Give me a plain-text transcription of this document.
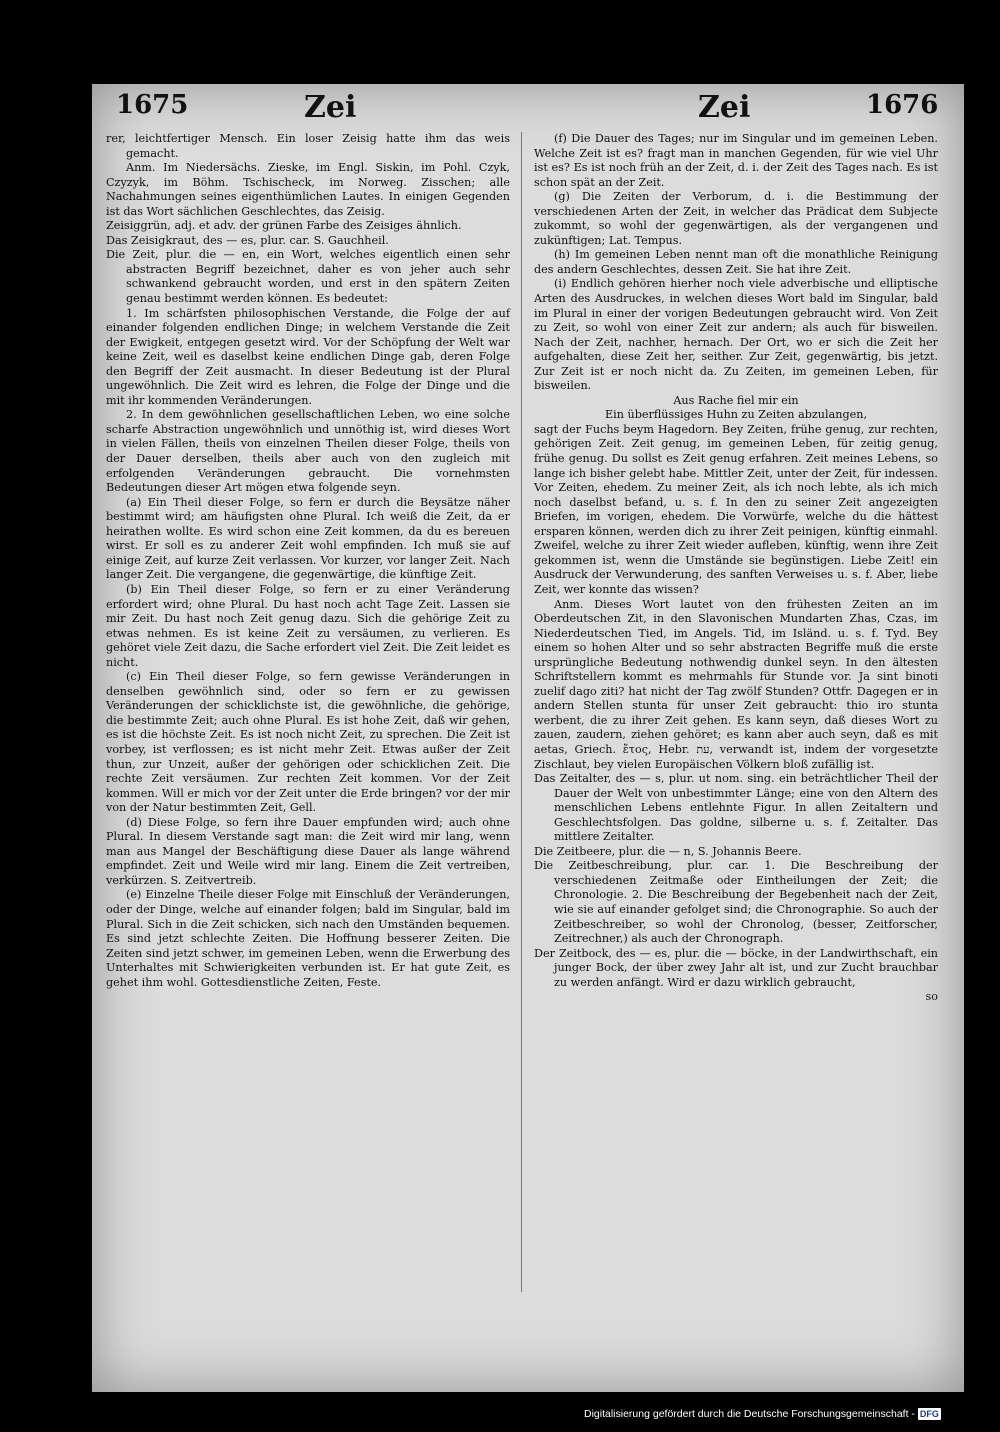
1675	Zei	Zei	1676

rer, leichtfertiger Mensch. Ein loser Zeisig hatte ihm das weis gemacht.

Anm. Im Niedersächs. Zieske, im Engl. Siskin, im Pohl. Czyk, Czyzyk, im Böhm. Tschischeck, im Norweg. Zisschen; alle Nachahmungen seines eigenthümlichen Lautes. In einigen Gegenden ist das Wort sächlichen Geschlechtes, das Zeisig.

Zeisiggrün, adj. et adv. der grünen Farbe des Zeisiges ähnlich.

Das Zeisigkraut, des — es, plur. car. S. Gauchheil.

Die Zeit, plur. die — en, ein Wort, welches eigentlich einen sehr abstracten Begriff bezeichnet, daher es von jeher auch sehr schwankend gebraucht worden, und erst in den spätern Zeiten genau bestimmt werden können. Es bedeutet:

1. Im schärfsten philosophischen Verstande, die Folge der auf einander folgenden endlichen Dinge; in welchem Verstande die Zeit der Ewigkeit, entgegen gesetzt wird. Vor der Schöpfung der Welt war keine Zeit, weil es daselbst keine endlichen Dinge gab, deren Folge den Begriff der Zeit ausmacht. In dieser Bedeutung ist der Plural ungewöhnlich. Die Zeit wird es lehren, die Folge der Dinge und die mit ihr kommenden Veränderungen.

2. In dem gewöhnlichen gesellschaftlichen Leben, wo eine solche scharfe Abstraction ungewöhnlich und unnöthig ist, wird dieses Wort in vielen Fällen, theils von einzelnen Theilen dieser Folge, theils von der Dauer derselben, theils aber auch von den zugleich mit erfolgenden Veränderungen gebraucht. Die vornehmsten Bedeutungen dieser Art mögen etwa folgende seyn.

(a) Ein Theil dieser Folge, so fern er durch die Beysätze näher bestimmt wird; am häufigsten ohne Plural. Ich weiß die Zeit, da er heirathen wollte. Es wird schon eine Zeit kommen, da du es bereuen wirst. Er soll es zu anderer Zeit wohl empfinden. Ich muß sie auf einige Zeit, auf kurze Zeit verlassen. Vor kurzer, vor langer Zeit. Nach langer Zeit. Die vergangene, die gegenwärtige, die künftige Zeit.

(b) Ein Theil dieser Folge, so fern er zu einer Veränderung erfordert wird; ohne Plural. Du hast noch acht Tage Zeit. Lassen sie mir Zeit. Du hast noch Zeit genug dazu. Sich die gehörige Zeit zu etwas nehmen. Es ist keine Zeit zu versäumen, zu verlieren. Es gehöret viele Zeit dazu, die Sache erfordert viel Zeit. Die Zeit leidet es nicht.

(c) Ein Theil dieser Folge, so fern gewisse Veränderungen in denselben gewöhnlich sind, oder so fern er zu gewissen Veränderungen der schicklichste ist, die gewöhnliche, die gehörige, die bestimmte Zeit; auch ohne Plural. Es ist hohe Zeit, daß wir gehen, es ist die höchste Zeit. Es ist noch nicht Zeit, zu sprechen. Die Zeit ist vorbey, ist verflossen; es ist nicht mehr Zeit. Etwas außer der Zeit thun, zur Unzeit, außer der gehörigen oder schicklichen Zeit. Die rechte Zeit versäumen. Zur rechten Zeit kommen. Vor der Zeit kommen. Will er mich vor der Zeit unter die Erde bringen? vor der mir von der Natur bestimmten Zeit, Gell.

(d) Diese Folge, so fern ihre Dauer empfunden wird; auch ohne Plural. In diesem Verstande sagt man: die Zeit wird mir lang, wenn man aus Mangel der Beschäftigung diese Dauer als lange während empfindet. Zeit und Weile wird mir lang. Einem die Zeit vertreiben, verkürzen. S. Zeitvertreib.

(e) Einzelne Theile dieser Folge mit Einschluß der Veränderungen, oder der Dinge, welche auf einander folgen; bald im Singular, bald im Plural. Sich in die Zeit schicken, sich nach den Umständen bequemen. Es sind jetzt schlechte Zeiten. Die Hoffnung besserer Zeiten. Die Zeiten sind jetzt schwer, im gemeinen Leben, wenn die Erwerbung des Unterhaltes mit Schwierigkeiten verbunden ist. Er hat gute Zeit, es gehet ihm wohl. Gottesdienstliche Zeiten, Feste.

(f) Die Dauer des Tages; nur im Singular und im gemeinen Leben. Welche Zeit ist es? fragt man in manchen Gegenden, für wie viel Uhr ist es? Es ist noch früh an der Zeit, d. i. der Zeit des Tages nach. Es ist schon spät an der Zeit.

(g) Die Zeiten der Verborum, d. i. die Bestimmung der verschiedenen Arten der Zeit, in welcher das Prädicat dem Subjecte zukommt, so wohl der gegenwärtigen, als der vergangenen und zukünftigen; Lat. Tempus.

(h) Im gemeinen Leben nennt man oft die monathliche Reinigung des andern Geschlechtes, dessen Zeit. Sie hat ihre Zeit.

(i) Endlich gehören hierher noch viele adverbische und elliptische Arten des Ausdruckes, in welchen dieses Wort bald im Singular, bald im Plural in einer der vorigen Bedeutungen gebraucht wird. Von Zeit zu Zeit, so wohl von einer Zeit zur andern; als auch für bisweilen. Nach der Zeit, nachher, hernach. Der Ort, wo er sich die Zeit her aufgehalten, diese Zeit her, seither. Zur Zeit, gegenwärtig, bis jetzt. Zur Zeit ist er noch nicht da. Zu Zeiten, im gemeinen Leben, für bisweilen.

Aus Rache fiel mir ein

Ein überflüssiges Huhn zu Zeiten abzulangen,

sagt der Fuchs beym Hagedorn. Bey Zeiten, frühe genug, zur rechten, gehörigen Zeit. Zeit genug, im gemeinen Leben, für zeitig genug, frühe genug. Du sollst es Zeit genug erfahren. Zeit meines Lebens, so lange ich bisher gelebt habe. Mittler Zeit, unter der Zeit, für indessen. Vor Zeiten, ehedem. Zu meiner Zeit, als ich noch lebte, als ich mich noch daselbst befand, u. s. f. In den zu seiner Zeit angezeigten Briefen, im vorigen, ehedem. Die Vorwürfe, welche du die hättest ersparen können, werden dich zu ihrer Zeit peinigen, künftig einmahl. Zweifel, welche zu ihrer Zeit wieder aufleben, künftig, wenn ihre Zeit gekommen ist, wenn die Umstände sie begünstigen. Liebe Zeit! ein Ausdruck der Verwunderung, des sanften Verweises u. s. f. Aber, liebe Zeit, wer konnte das wissen?

Anm. Dieses Wort lautet von den frühesten Zeiten an im Oberdeutschen Zit, in den Slavonischen Mundarten Zhas, Czas, im Niederdeutschen Tied, im Angels. Tid, im Isländ. u. s. f. Tyd. Bey einem so hohen Alter und so sehr abstracten Begriffe muß die erste ursprüngliche Bedeutung nothwendig dunkel seyn. In den ältesten Schriftstellern kommt es mehrmahls für Stunde vor. Ja sint binoti zuelif dago ziti? hat nicht der Tag zwölf Stunden? Ottfr. Dagegen er in andern Stellen stunta für unser Zeit gebraucht: thio iro stunta werbent, die zu ihrer Zeit gehen. Es kann seyn, daß dieses Wort zu zauen, zaudern, ziehen gehöret; es kann aber auch seyn, daß es mit aetas, Griech. ἔτος, Hebr. עת, verwandt ist, indem der vorgesetzte Zischlaut, bey vielen Europäischen Völkern bloß zufällig ist.

Das Zeitalter, des — s, plur. ut nom. sing. ein beträchtlicher Theil der Dauer der Welt von unbestimmter Länge; eine von den Altern des menschlichen Lebens entlehnte Figur. In allen Zeitaltern und Geschlechtsfolgen. Das goldne, silberne u. s. f. Zeitalter. Das mittlere Zeitalter.

Die Zeitbeere, plur. die — n, S. Johannis Beere.

Die Zeitbeschreibung, plur. car. 1. Die Beschreibung der verschiedenen Zeitmaße oder Eintheilungen der Zeit; die Chronologie. 2. Die Beschreibung der Begebenheit nach der Zeit, wie sie auf einander gefolget sind; die Chronographie. So auch der Zeitbeschreiber, so wohl der Chronolog, (besser, Zeitforscher, Zeitrechner,) als auch der Chronograph.

Der Zeitbock, des — es, plur. die — böcke, in der Landwirthschaft, ein junger Bock, der über zwey Jahr alt ist, und zur Zucht brauchbar zu werden anfängt. Wird er dazu wirklich gebraucht,

so

Digitalisierung gefördert durch die Deutsche Forschungsgemeinschaft - DFG
